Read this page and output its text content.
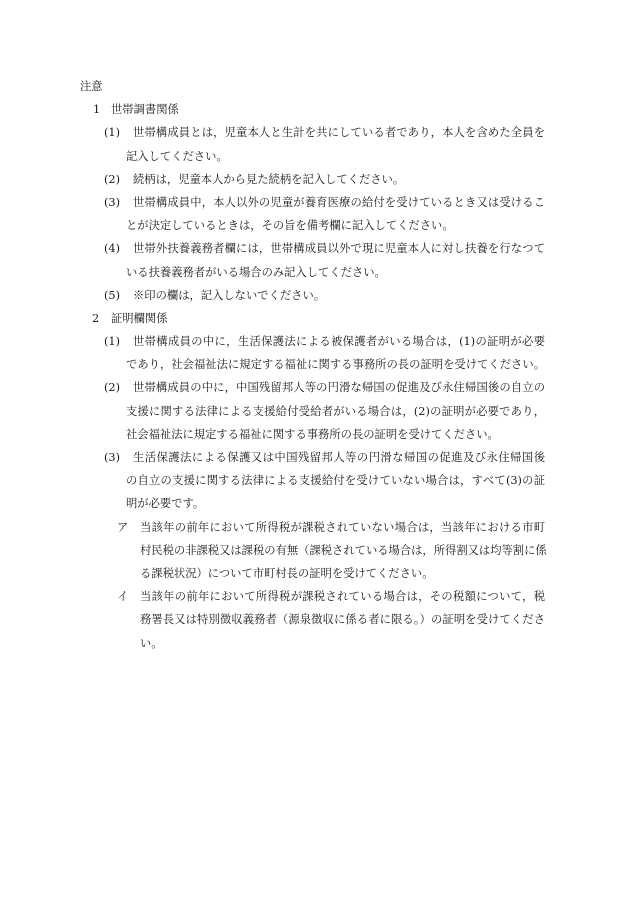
注意
1 世帯調書関係
(1) 世帯構成員とは，児童本人と生計を共にしている者であり，本人を含めた全員を
記入してください。
(2) 続柄は，児童本人から見た続柄を記入してください。
(3) 世帯構成員中，本人以外の児童が養育医療の給付を受けているとき又は受けるこ
とが決定しているときは，その旨を備考欄に記入してください。
(4) 世帯外扶養義務者欄には，世帯構成員以外で現に児童本人に対し扶養を行なつて
いる扶養義務者がいる場合のみ記入してください。
(5) ※印の欄は，記入しないでください。
2 証明欄関係
(1) 世帯構成員の中に，生活保護法による被保護者がいる場合は，(1)の証明が必要
であり，社会福祉法に規定する福祉に関する事務所の長の証明を受けてください。
(2) 世帯構成員の中に，中国残留邦人等の円滑な帰国の促進及び永住帰国後の自立の
支援に関する法律による支援給付受給者がいる場合は，(2)の証明が必要であり，
社会福祉法に規定する福祉に関する事務所の長の証明を受けてください。
(3) 生活保護法による保護又は中国残留邦人等の円滑な帰国の促進及び永住帰国後
の自立の支援に関する法律による支援給付を受けていない場合は，すべて(3)の証
明が必要です。
ア 当該年の前年において所得税が課税されていない場合は，当該年における市町
村民税の非課税又は課税の有無（課税されている場合は，所得割又は均等割に係
る課税状況）について市町村長の証明を受けてください。
イ 当該年の前年において所得税が課税されている場合は，その税額について，税
務署長又は特別徴収義務者（源泉徴収に係る者に限る。）の証明を受けてくださ
い。
